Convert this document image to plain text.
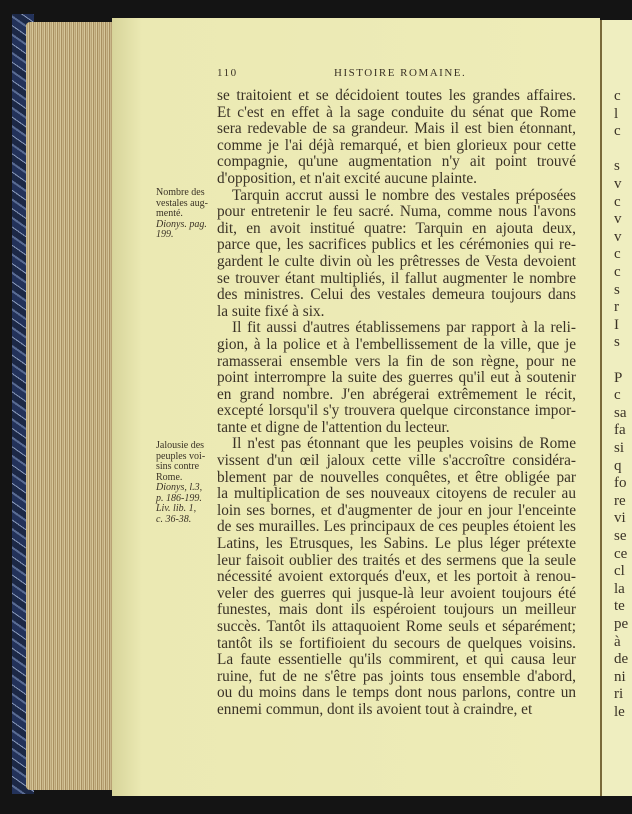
110	HISTOIRE ROMAINE.
se traitoient et se décidoient toutes les grandes affaires.
Et c'est en effet à la sage conduite du sénat que Rome
sera redevable de sa grandeur. Mais il est bien étonnant,
comme je l'ai déjà remarqué, et bien glorieux pour cette
compagnie, qu'une augmentation n'y ait point trouvé
d'opposition, et n'ait excité aucune plainte.
Tarquin accrut aussi le nombre des vestales préposées
pour entretenir le feu sacré. Numa, comme nous l'avons
dit, en avoit institué quatre: Tarquin en ajouta deux,
parce que, les sacrifices publics et les cérémonies qui re-
gardent le culte divin où les prêtresses de Vesta devoient
se trouver étant multipliés, il fallut augmenter le nombre
des ministres. Celui des vestales demeura toujours dans
la suite fixé à six.
Il fit aussi d'autres établissemens par rapport à la reli-
gion, à la police et à l'embellissement de la ville, que je
ramasserai ensemble vers la fin de son règne, pour ne
point interrompre la suite des guerres qu'il eut à soutenir
en grand nombre. J'en abrégerai extrêmement le récit,
excepté lorsqu'il s'y trouvera quelque circonstance impor-
tante et digne de l'attention du lecteur.
Il n'est pas étonnant que les peuples voisins de Rome
vissent d'un œil jaloux cette ville s'accroître considéra-
blement par de nouvelles conquêtes, et être obligée par
la multiplication de ses nouveaux citoyens de reculer au
loin ses bornes, et d'augmenter de jour en jour l'enceinte
de ses murailles. Les principaux de ces peuples étoient les
Latins, les Etrusques, les Sabins. Le plus léger prétexte
leur faisoit oublier des traités et des sermens que la seule
nécessité avoient extorqués d'eux, et les portoit à renou-
veler des guerres qui jusque-là leur avoient toujours été
funestes, mais dont ils espéroient toujours un meilleur
succès. Tantôt ils attaquoient Rome seuls et séparément;
tantôt ils se fortifioient du secours de quelques voisins.
La faute essentielle qu'ils commirent, et qui causa leur
ruine, fut de ne s'être pas joints tous ensemble d'abord,
ou du moins dans le temps dont nous parlons, contre un
ennemi commun, dont ils avoient tout à craindre, et
Nombre des
vestales aug-
menté.
Dionys. pag.
199.
Jalousie des
peuples voi-
sins contre
Rome.
Dionys, l.3,
p. 186-199.
Liv. lib. 1,
c. 36-38.
c
l
c
s
v
c
v
v
c
c
s
r
I
s
P
c
sa
fa
si
q
fo
re
vi
se
ce
cl
la
te
pe
à
de
ni
ri
le
